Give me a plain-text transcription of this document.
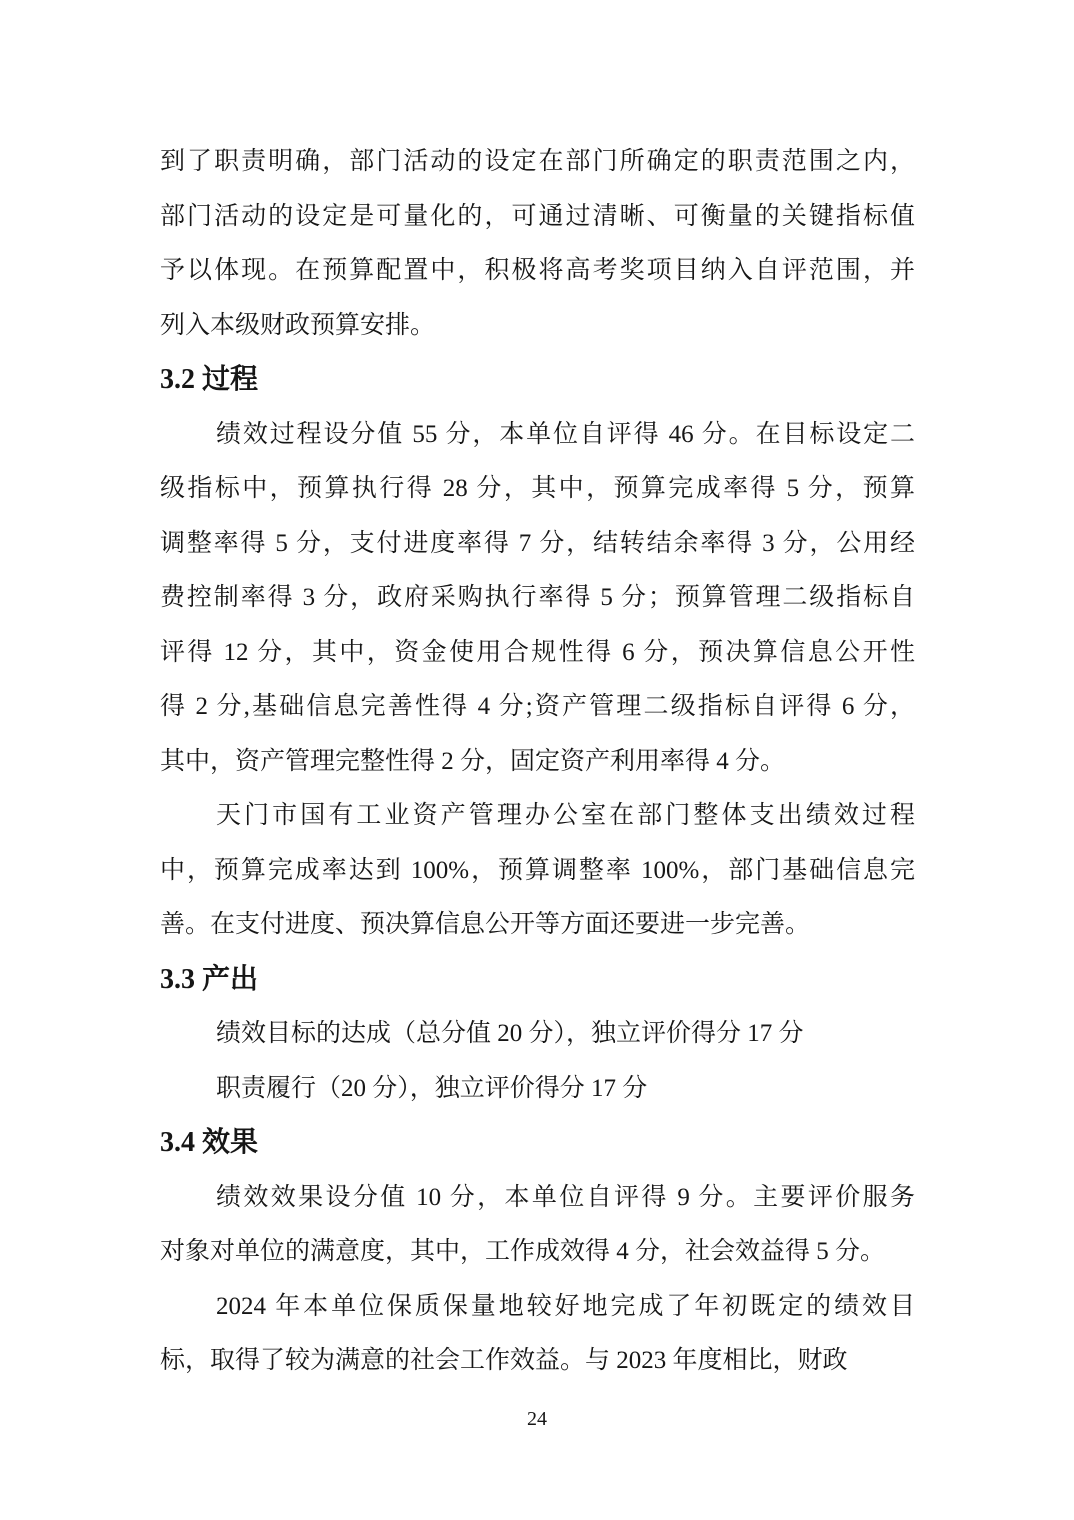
到了职责明确，部门活动的设定在部门所确定的职责范围之内，
部门活动的设定是可量化的，可通过清晰、可衡量的关键指标值
予以体现。在预算配置中，积极将高考奖项目纳入自评范围，并
列入本级财政预算安排。
3.2 过程
绩效过程设分值 55 分，本单位自评得 46 分。在目标设定二
级指标中，预算执行得 28 分，其中，预算完成率得 5 分，预算
调整率得 5 分，支付进度率得 7 分，结转结余率得 3 分，公用经
费控制率得 3 分，政府采购执行率得 5 分；预算管理二级指标自
评得 12 分，其中，资金使用合规性得 6 分，预决算信息公开性
得 2 分,基础信息完善性得 4 分;资产管理二级指标自评得 6 分，
其中，资产管理完整性得 2 分，固定资产利用率得 4 分。
天门市国有工业资产管理办公室在部门整体支出绩效过程
中，预算完成率达到 100%，预算调整率 100%，部门基础信息完
善。在支付进度、预决算信息公开等方面还要进一步完善。
3.3 产出
绩效目标的达成（总分值 20 分），独立评价得分 17 分
职责履行（20 分），独立评价得分 17 分
3.4 效果
绩效效果设分值 10 分，本单位自评得 9 分。主要评价服务
对象对单位的满意度，其中，工作成效得 4 分，社会效益得 5 分。
2024 年本单位保质保量地较好地完成了年初既定的绩效目
标，取得了较为满意的社会工作效益。与 2023 年度相比，财政
24
